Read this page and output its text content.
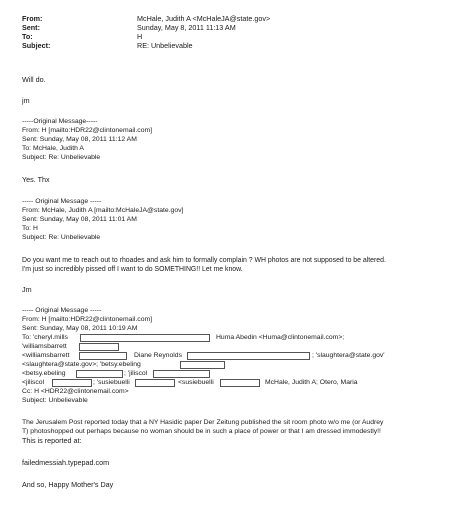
From:	McHale, Judith A <McHaleJA@state.gov>
Sent:	Sunday, May 8, 2011 11:13 AM
To:	H
Subject:	RE: Unbelievable
Will do.
jm
-----Original Message-----
From: H [mailto:HDR22@clintonemail.com]
Sent: Sunday, May 08, 2011 11:12 AM
To: McHale, Judith A
Subject: Re: Unbelievable
Yes. Thx
----- Original Message -----
From: McHale, Judith A [mailto:McHaleJA@state.gov]
Sent: Sunday, May 08, 2011 11:01 AM
To: H
Subject: Re: Unbelievable
Do you want me to reach out to rhoades and ask him to formally complain ? WH photos are not supposed to be altered.
I'm just so incredibly pissed off I want to do SOMETHING!! Let me know.
Jm
----- Original Message -----
From: H [mailto:HDR22@clintonemail.com]
Sent: Sunday, May 08, 2011 10:19 AM
To: 'cheryl.mills	Huma Abedin <Huma@clintonemail.com>;
'williamsbarrett
<williamsbarrett	Diane Reynolds	; 'slaughtera@state.gov'
<slaughtera@state.gov>; 'betsy.ebeling
<betsy.ebeling	; 'jiliscol
<jiliscol	; 'susiebuelli	<susiebuelli	McHale, Judith A; Otero, Maria
Cc: H <HDR22@clintonemail.com>
Subject: Unbelievable
The Jerusalem Post reported today that a NY Hasidic paper Der Zeitung published the sit room photo w/o me (or Audrey
T) photoshopped out perhaps because no woman should be in such a place of power or that I am dressed immodestly!!
This is reported at:
failedmessiah.typepad.com
And so, Happy Mother's Day
